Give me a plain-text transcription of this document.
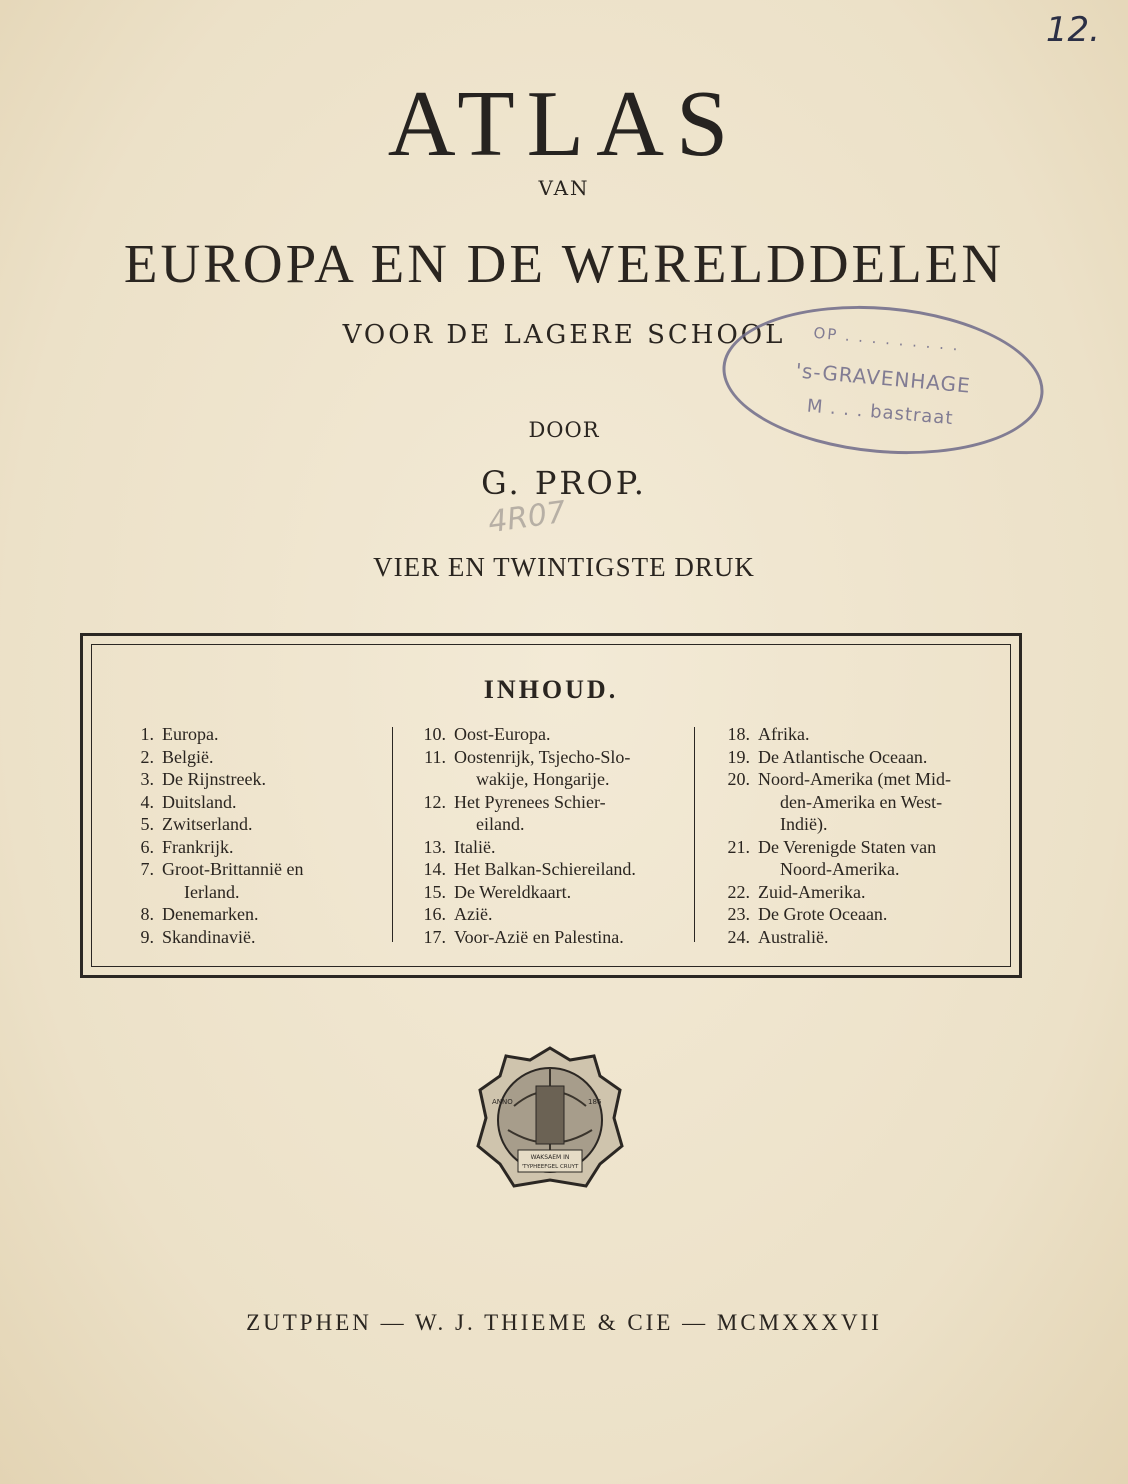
12.
ATLAS
VAN
EUROPA EN DE WERELDDELEN
VOOR DE LAGERE SCHOOL	OP . . . . . . . . .
's-GRAVENHAGE
M . . . bastraat
DOOR
G. PROP.
4R07
VIER EN TWINTIGSTE DRUK
INHOUD.
1. Europa.
2. België.
3. De Rijnstreek.
4. Duitsland.
5. Zwitserland.
6. Frankrijk.
7. Groot-Brittannië en
Ierland.
8. Denemarken.
9. Skandinavië.
10. Oost-Europa.
11. Oostenrijk, Tsjecho-Slo-
wakije, Hongarije.
12. Het Pyrenees Schier-
eiland.
13. Italië.
14. Het Balkan-Schiereiland.
15. De Wereldkaart.
16. Azië.
17. Voor-Azië en Palestina.
18. Afrika.
19. De Atlantische Oceaan.
20. Noord-Amerika (met Mid-
den-Amerika en West-
Indië).
21. De Verenigde Staten van
Noord-Amerika.
22. Zuid-Amerika.
23. De Grote Oceaan.
24. Australië.
ANNO	186
WAKSAEM IN
'TYPHEEFGEL CRUYT
ZUTPHEN — W. J. THIEME & CIE — MCMXXXVII
